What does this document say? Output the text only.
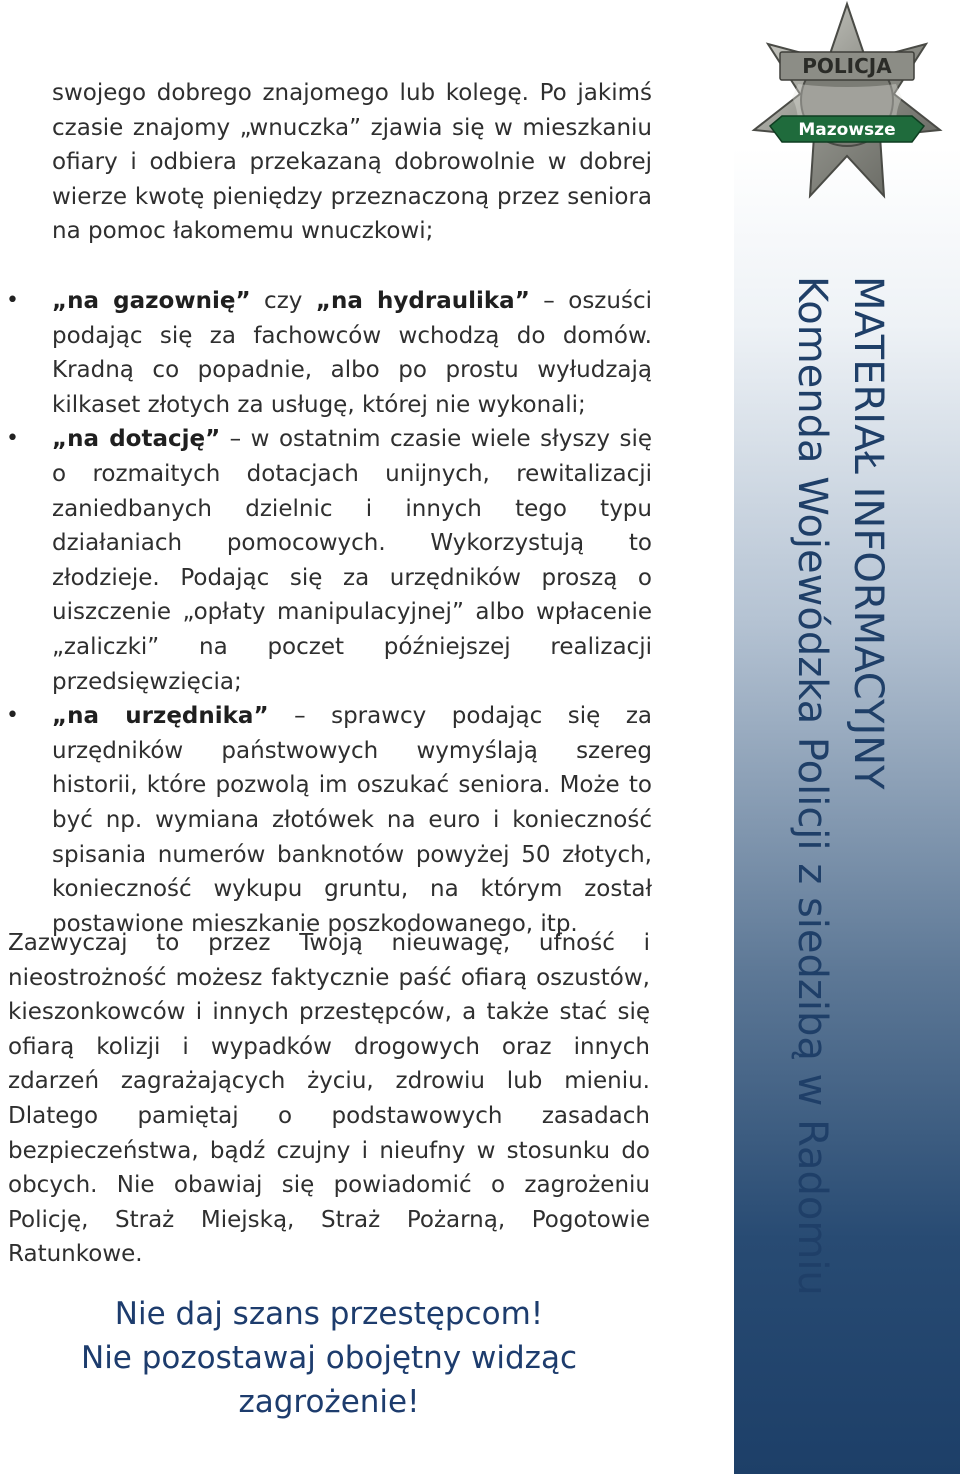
swojego dobrego znajomego lub kolegę. Po jakimś czasie znajomy „wnuczka” zjawia się w mieszkaniu ofiary i odbiera przekazaną dobrowolnie w dobrej wierze kwotę pieniędzy przeznaczoną przez seniora na pomoc łakomemu wnuczkowi;

• „na gazownię” czy „na hydraulika” – oszuści podając się za fachowców wchodzą do domów. Kradną co popadnie, albo po prostu wyłudzają kilkaset złotych za usługę, której nie wykonali;
• „na dotację” – w ostatnim czasie wiele słyszy się o rozmaitych dotacjach unijnych, rewitalizacji zaniedbanych dzielnic i innych tego typu działaniach pomocowych. Wykorzystują to złodzieje. Podając się za urzędników proszą o uiszczenie „opłaty manipulacyjnej” albo wpłacenie „zaliczki” na poczet późniejszej realizacji przedsięwzięcia;
• „na urzędnika” – sprawcy podając się za urzędników państwowych wymyślają szereg historii, które pozwolą im oszukać seniora. Może to być np. wymiana złotówek na euro i konieczność spisania numerów banknotów powyżej 50 złotych, konieczność wykupu gruntu, na którym został postawione mieszkanie poszkodowanego, itp.

Zazwyczaj to przez Twoją nieuwagę, ufność i nieostrożność możesz faktycznie paść ofiarą oszustów, kieszonkowców i innych przestępców, a także stać się ofiarą kolizji i wypadków drogowych oraz innych zdarzeń zagrażających życiu, zdrowiu lub mieniu. Dlatego pamiętaj o podstawowych zasadach bezpieczeństwa, bądź czujny i nieufny w stosunku do obcych. Nie obawiaj się powiadomić o zagrożeniu Policję, Straż Miejską, Straż Pożarną, Pogotowie Ratunkowe.

Nie daj szans przestępcom!

Nie pozostawaj obojętny widząc zagrożenie!

POLICJA
Mazowsze
MATERIAŁ INFORMACYJNY
Komenda Wojewódzka Policji z siedzibą w Radomiu
